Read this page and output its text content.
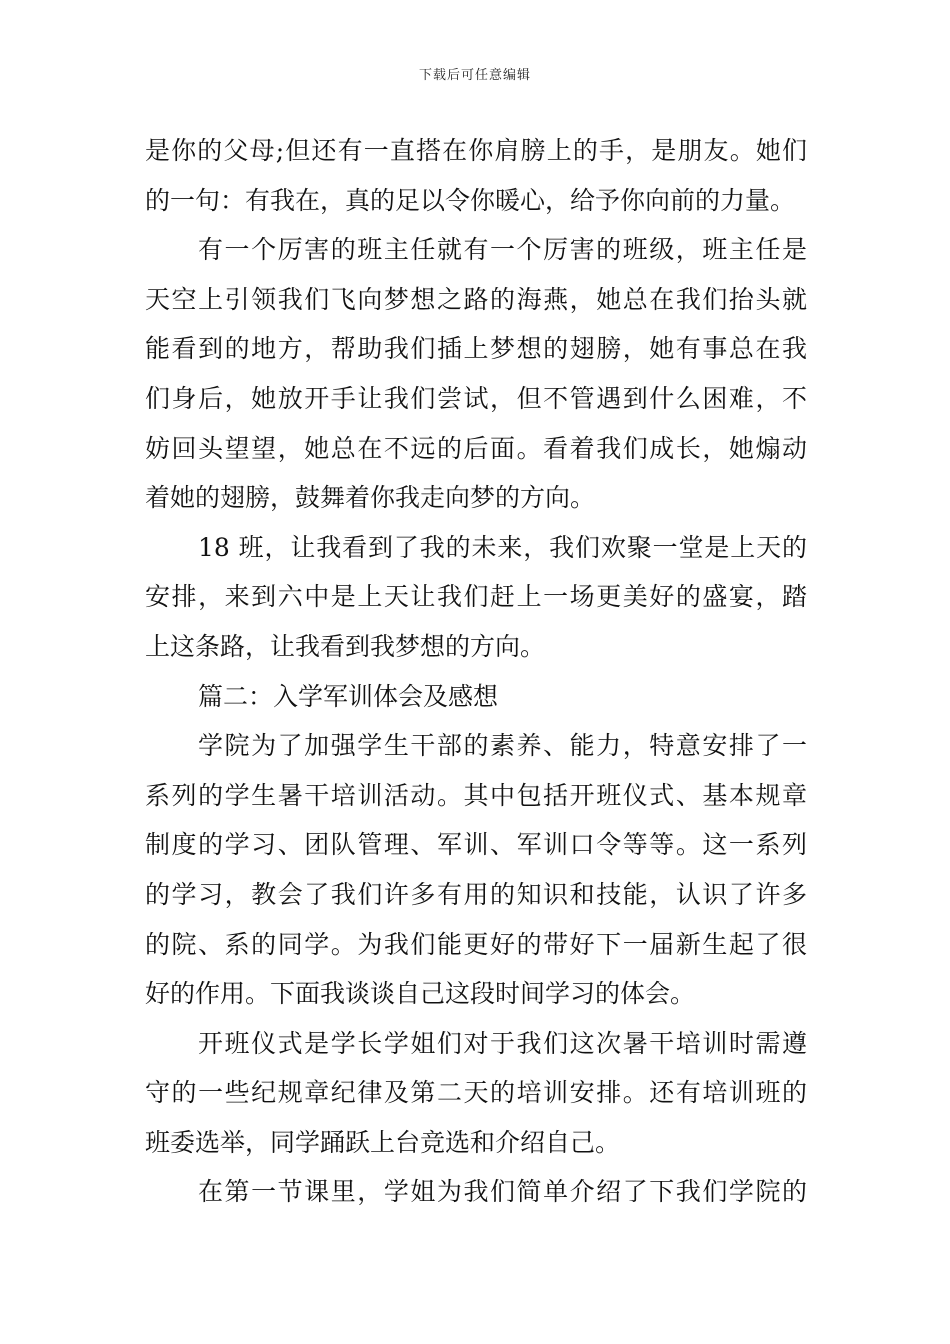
下载后可任意编辑
是你的父母;但还有一直搭在你肩膀上的手，是朋友。她们
的一句：有我在，真的足以令你暖心，给予你向前的力量。
有一个厉害的班主任就有一个厉害的班级，班主任是
天空上引领我们飞向梦想之路的海燕，她总在我们抬头就
能看到的地方，帮助我们插上梦想的翅膀，她有事总在我
们身后，她放开手让我们尝试，但不管遇到什么困难，不
妨回头望望，她总在不远的后面。看着我们成长，她煽动
着她的翅膀，鼓舞着你我走向梦的方向。
18 班，让我看到了我的未来，我们欢聚一堂是上天的
安排，来到六中是上天让我们赶上一场更美好的盛宴，踏
上这条路，让我看到我梦想的方向。
篇二：入学军训体会及感想
学院为了加强学生干部的素养、能力，特意安排了一
系列的学生暑干培训活动。其中包括开班仪式、基本规章
制度的学习、团队管理、军训、军训口令等等。这一系列
的学习，教会了我们许多有用的知识和技能，认识了许多
的院、系的同学。为我们能更好的带好下一届新生起了很
好的作用。下面我谈谈自己这段时间学习的体会。
开班仪式是学长学姐们对于我们这次暑干培训时需遵
守的一些纪规章纪律及第二天的培训安排。还有培训班的
班委选举，同学踊跃上台竞选和介绍自己。
在第一节课里，学姐为我们简单介绍了下我们学院的
